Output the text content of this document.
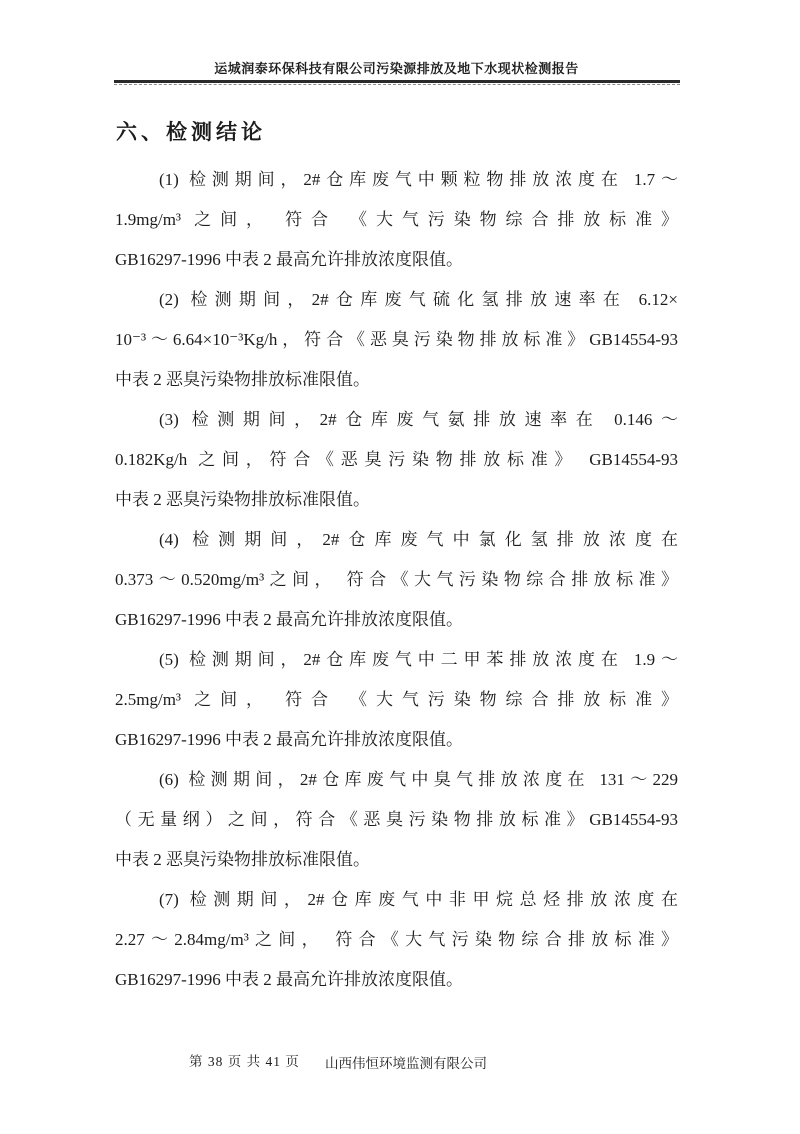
运城润泰环保科技有限公司污染源排放及地下水现状检测报告
六、检测结论
(1) 检测期间，2#仓库废气中颗粒物排放浓度在 1.7～
1.9mg/m³ 之间， 符合 《大气污染物综合排放标准》
GB16297-1996 中表 2 最高允许排放浓度限值。
(2) 检测期间，2#仓库废气硫化氢排放速率在 6.12×
10⁻³～6.64×10⁻³Kg/h，符合《恶臭污染物排放标准》GB14554-93
中表 2 恶臭污染物排放标准限值。
(3) 检测期间，2#仓库废气氨排放速率在 0.146～
0.182Kg/h 之间，符合《恶臭污染物排放标准》 GB14554-93
中表 2 恶臭污染物排放标准限值。
(4) 检测期间，2#仓库废气中氯化氢排放浓度在
0.373～0.520mg/m³之间， 符合《大气污染物综合排放标准》
GB16297-1996 中表 2 最高允许排放浓度限值。
(5) 检测期间，2#仓库废气中二甲苯排放浓度在 1.9～
2.5mg/m³ 之间， 符合 《大气污染物综合排放标准》
GB16297-1996 中表 2 最高允许排放浓度限值。
(6) 检测期间，2#仓库废气中臭气排放浓度在 131～229
（无量纲）之间，符合《恶臭污染物排放标准》GB14554-93
中表 2 恶臭污染物排放标准限值。
(7) 检测期间，2#仓库废气中非甲烷总烃排放浓度在
2.27～2.84mg/m³之间， 符合《大气污染物综合排放标准》
GB16297-1996 中表 2 最高允许排放浓度限值。
第 38 页 共 41 页 山西伟恒环境监测有限公司
